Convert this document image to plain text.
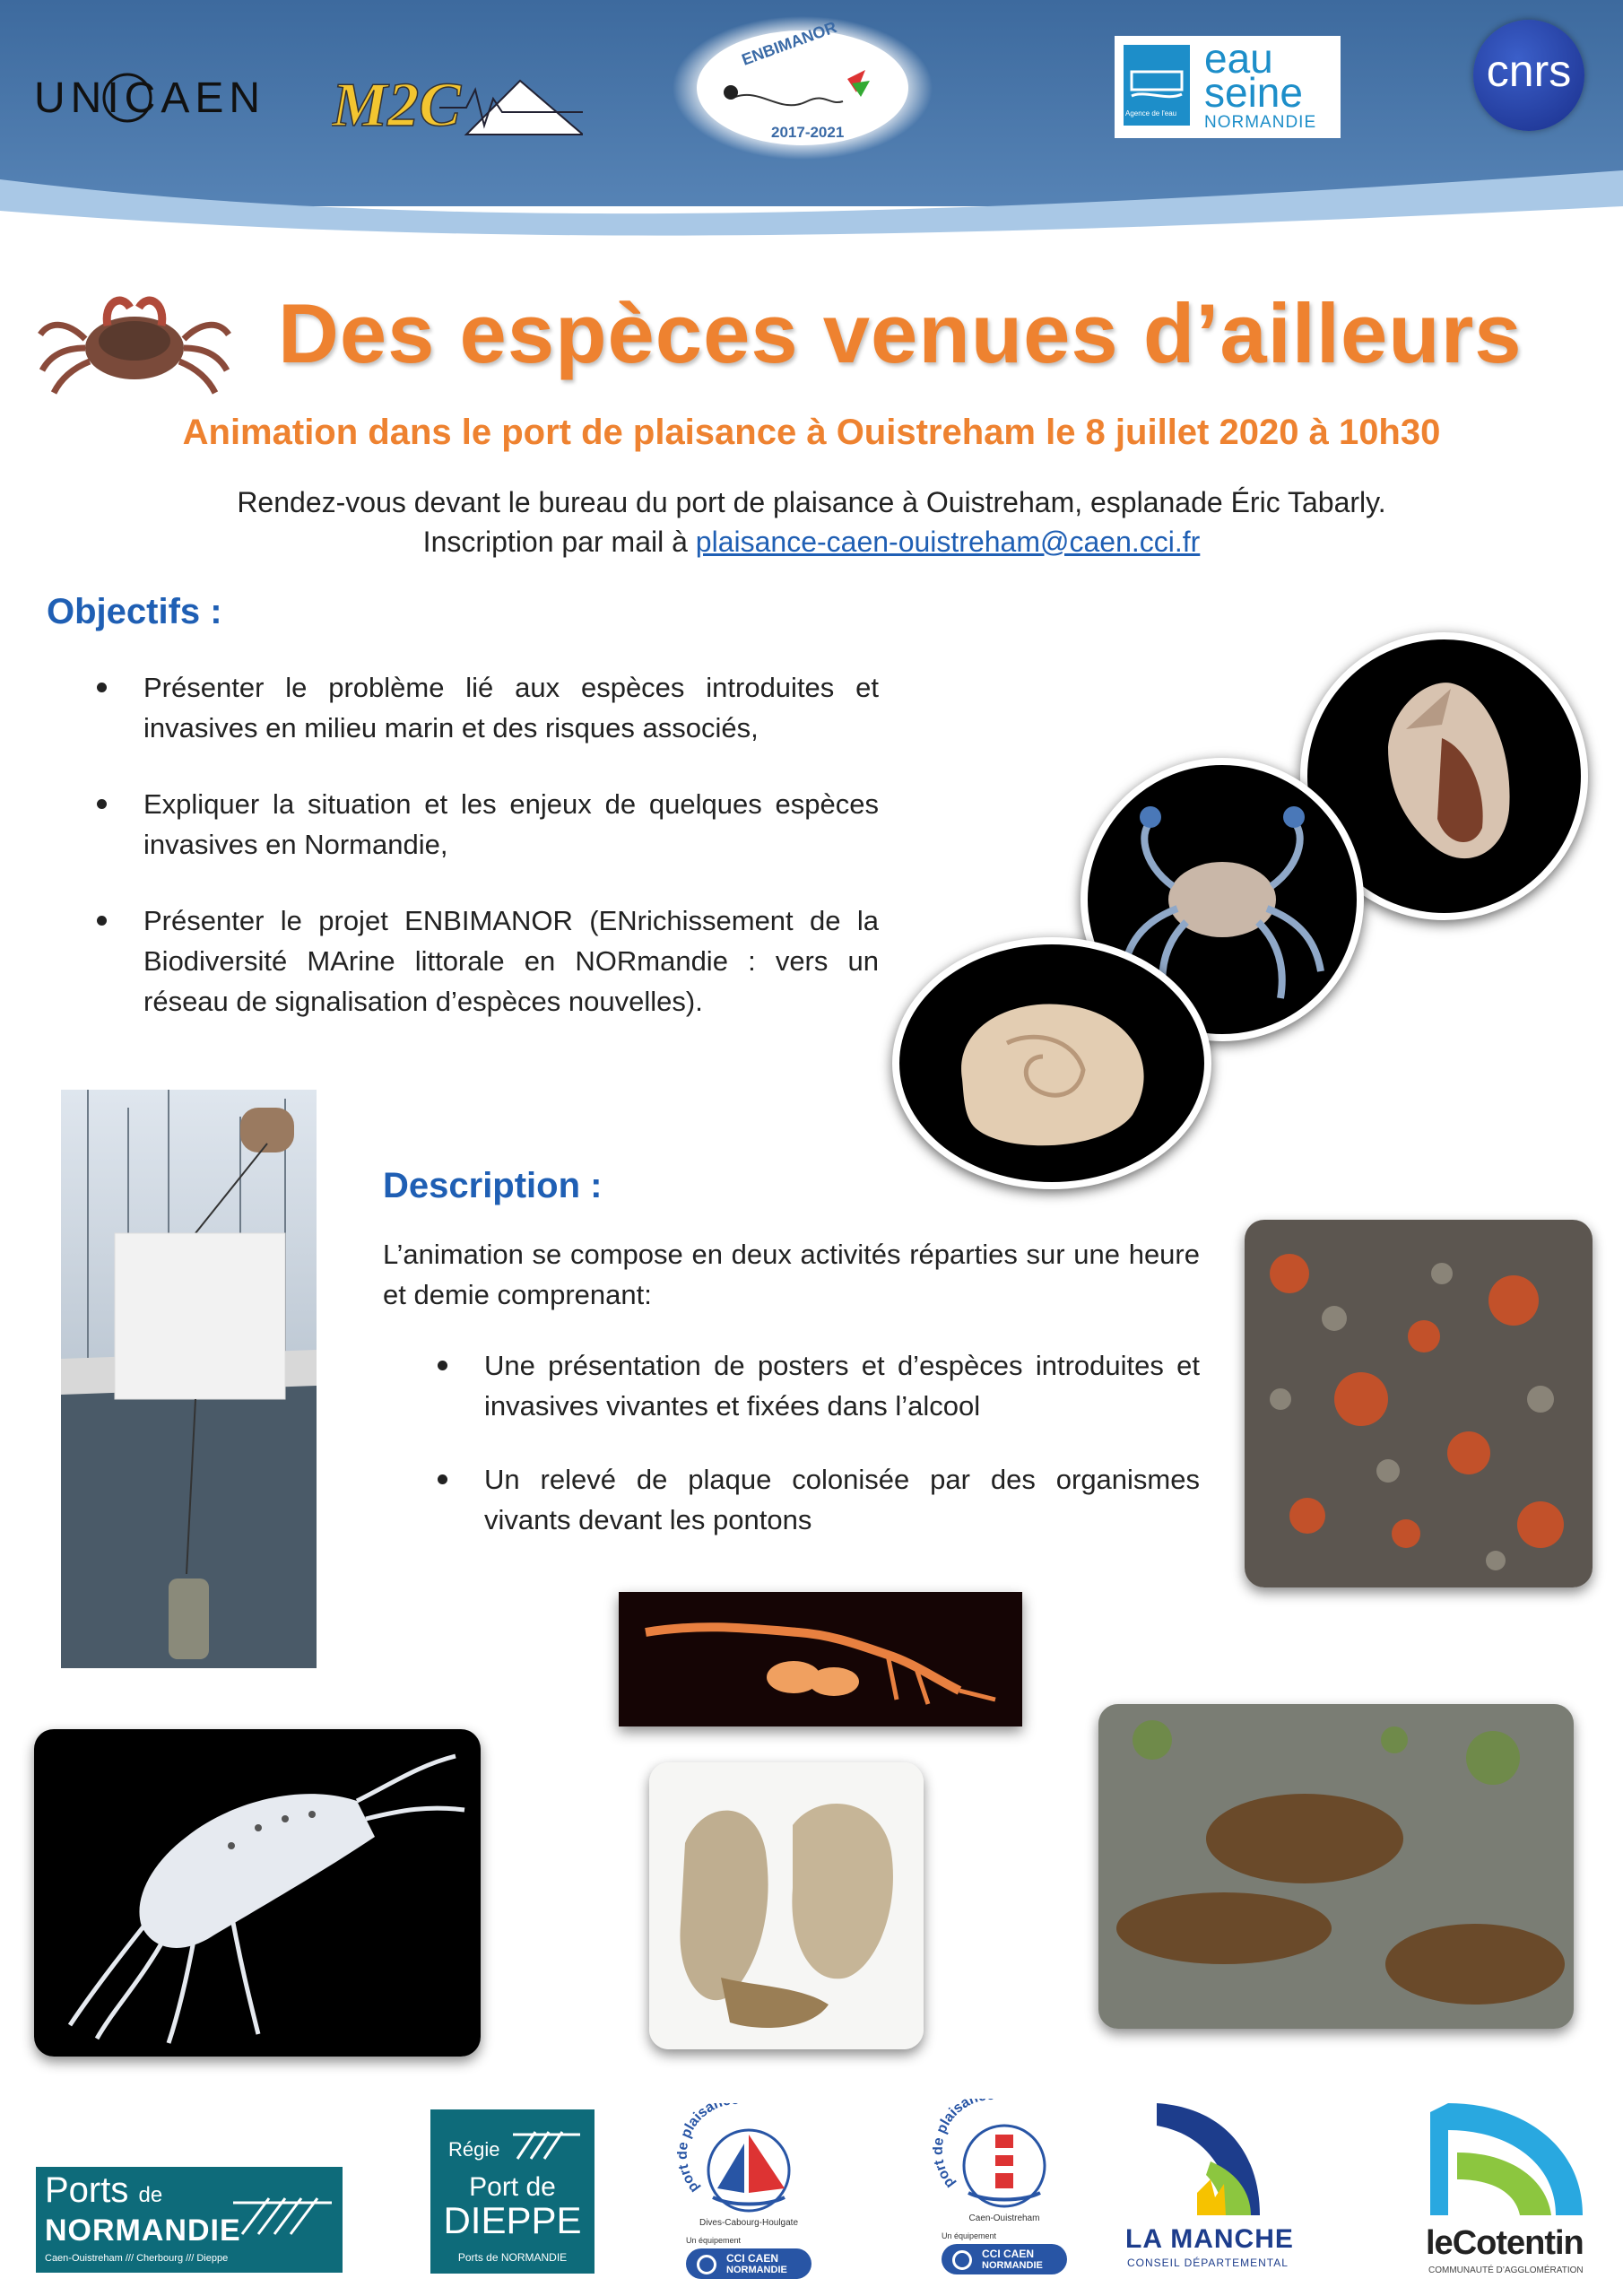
UNICAEN M2C
ENBIMANOR
2017-2021
Agence de l'eau
eau
seine
NORMANDIE
cnrs
Des espèces venues d’ailleurs
Animation dans le port de plaisance à Ouistreham le 8 juillet 2020 à 10h30
Rendez-vous devant le bureau du port de plaisance à Ouistreham, esplanade Éric Tabarly.
Inscription par mail à plaisance-caen-ouistreham@caen.cci.fr
Objectifs :
Présenter le problème lié aux espèces introduites et invasives en milieu marin et des risques associés,
Expliquer la situation et les enjeux de quelques espèces invasives en Normandie,
Présenter le projet ENBIMANOR (ENrichissement de la Biodiversité MArine littorale en NORmandie : vers un réseau de signalisation d’espèces nouvelles).
Description :
L’animation se compose en deux activités réparties sur une heure et demie comprenant:
Une présentation de posters et d’espèces introduites et invasives vivantes et fixées dans l’alcool
Un relevé de plaque colonisée par des organismes vivants devant les pontons
Ports de
NORMANDIE
Caen-Ouistreham /// Cherbourg /// Dieppe
Régie
Port de
DIEPPE
Ports de NORMANDIE
port plaisan
Dives-Cabourg-Houlgate
Un équipement
CCI CAEN
NORMANDIE
port plaisan
Caen-Ouistreham
Un équipement
CCI CAEN
NORMANDIE
LA MANCHE
CONSEIL DÉPARTEMENTAL
leCotentin
COMMUNAUTÉ D’AGGLOMÉRATION
